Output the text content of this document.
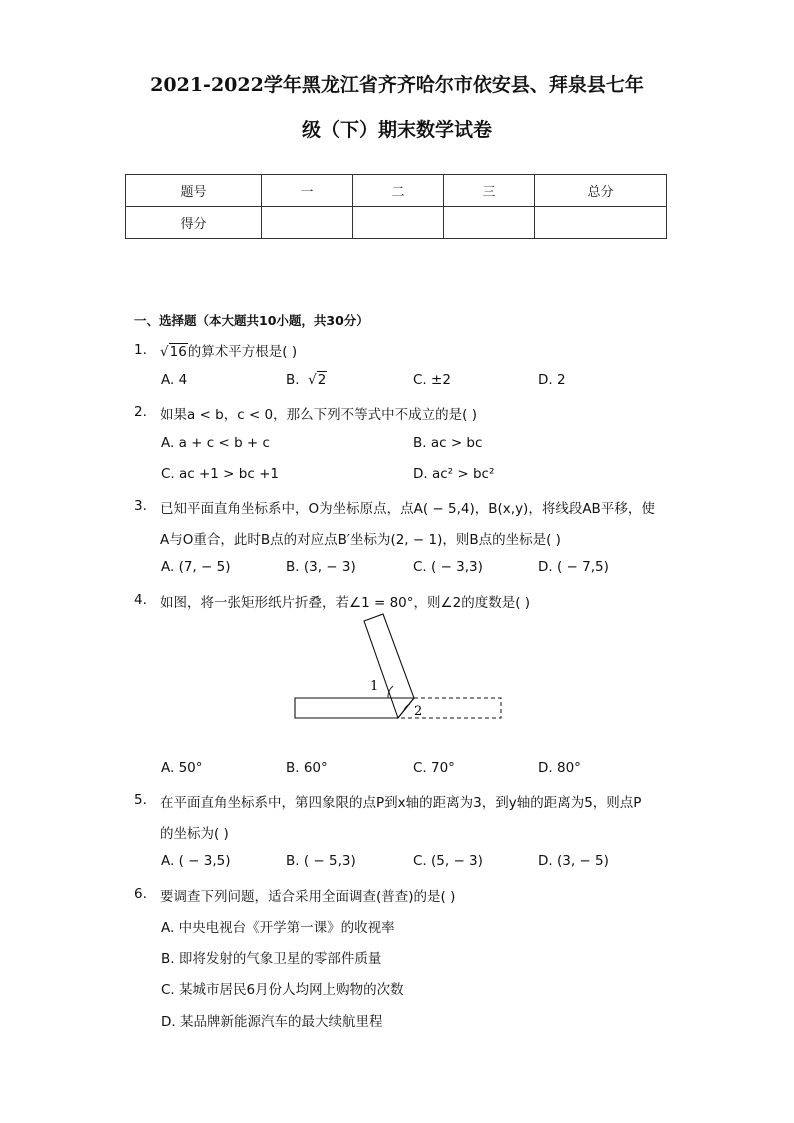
2021-2022学年黑龙江省齐齐哈尔市依安县、拜泉县七年
级（下）期末数学试卷
题号	一	二	三	总分
得分				
一、选择题（本大题共10小题，共30分）
1. √16的算术平方根是( )
A. 4	B.  √2	C. ±2	D. 2
2. 如果a < b，c < 0，那么下列不等式中不成立的是( )
A. a + c < b + c	B. ac > bc
C. ac +1 > bc +1	D. ac² > bc²
3. 已知平面直角坐标系中，O为坐标原点，点A( − 5,4)，B(x,y)，将线段AB平移，使
A与O重合，此时B点的对应点B′坐标为(2, − 1)，则B点的坐标是( )
A. (7, − 5)	B. (3, − 3)	C. ( − 3,3)	D. ( − 7,5)
4. 如图，将一张矩形纸片折叠，若∠1 = 80°，则∠2的度数是( )
1
2
A. 50°	B. 60°	C. 70°	D. 80°
5. 在平面直角坐标系中，第四象限的点P到x轴的距离为3，到y轴的距离为5，则点P
的坐标为( )
A. ( − 3,5)	B. ( − 5,3)	C. (5, − 3)	D. (3, − 5)
6. 要调查下列问题，适合采用全面调查(普查)的是( )
A. 中央电视台《开学第一课》的收视率
B. 即将发射的气象卫星的零部件质量
C. 某城市居民6月份人均网上购物的次数
D. 某品牌新能源汽车的最大续航里程
